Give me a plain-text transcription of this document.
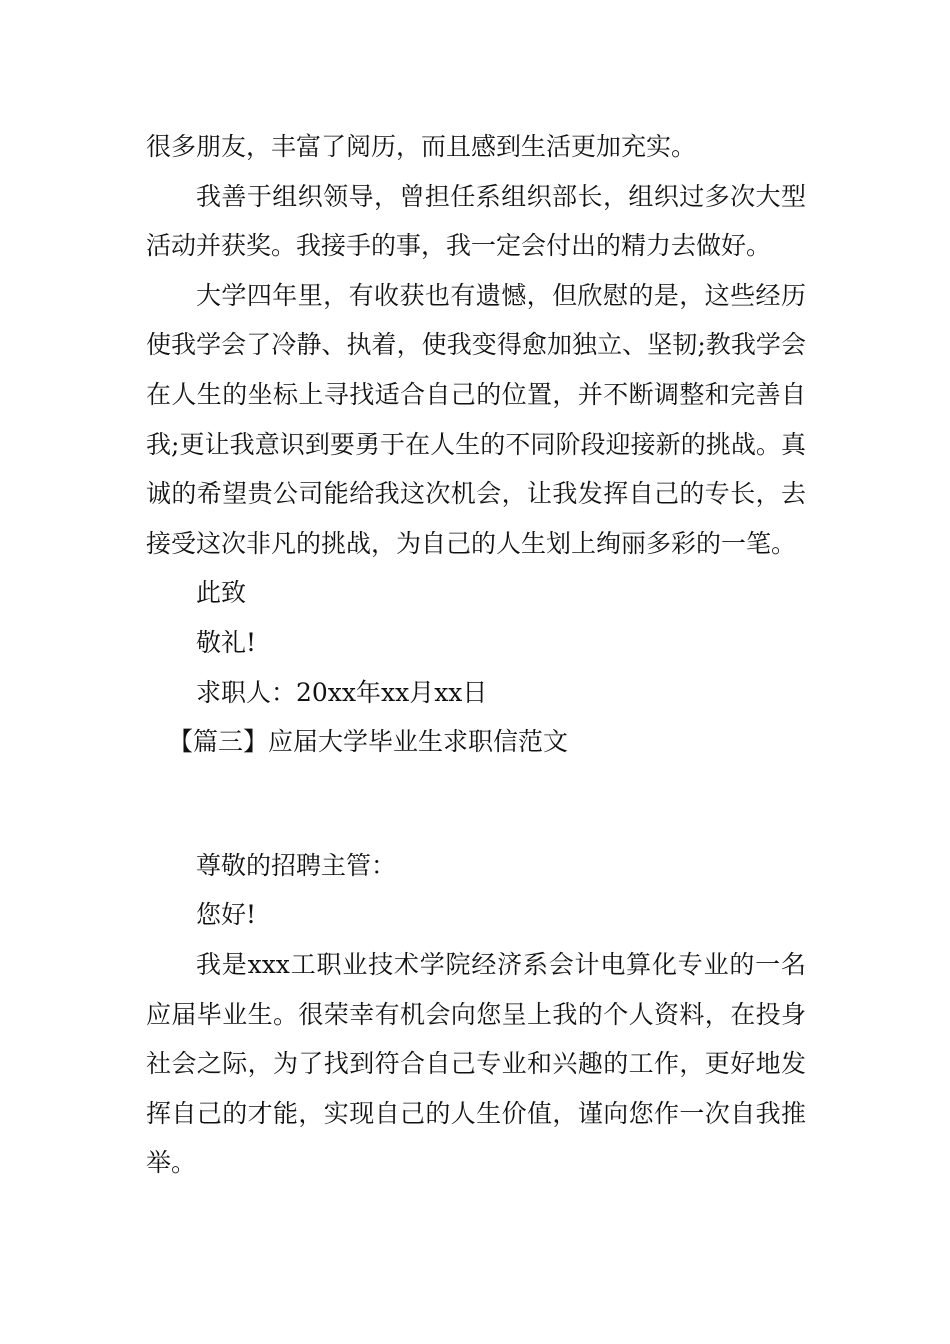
很多朋友，丰富了阅历，而且感到生活更加充实。

我善于组织领导，曾担任系组织部长，组织过多次大型活动并获奖。我接手的事，我一定会付出的精力去做好。

大学四年里，有收获也有遗憾，但欣慰的是，这些经历使我学会了冷静、执着，使我变得愈加独立、坚韧;教我学会在人生的坐标上寻找适合自己的位置，并不断调整和完善自我;更让我意识到要勇于在人生的不同阶段迎接新的挑战。真诚的希望贵公司能给我这次机会，让我发挥自己的专长，去接受这次非凡的挑战，为自己的人生划上绚丽多彩的一笔。

此致

敬礼!

求职人：20xx年xx月xx日

【篇三】应届大学毕业生求职信范文

尊敬的招聘主管：

您好!

我是xxx工职业技术学院经济系会计电算化专业的一名应届毕业生。很荣幸有机会向您呈上我的个人资料，在投身社会之际，为了找到符合自己专业和兴趣的工作，更好地发挥自己的才能，实现自己的人生价值，谨向您作一次自我推举。
